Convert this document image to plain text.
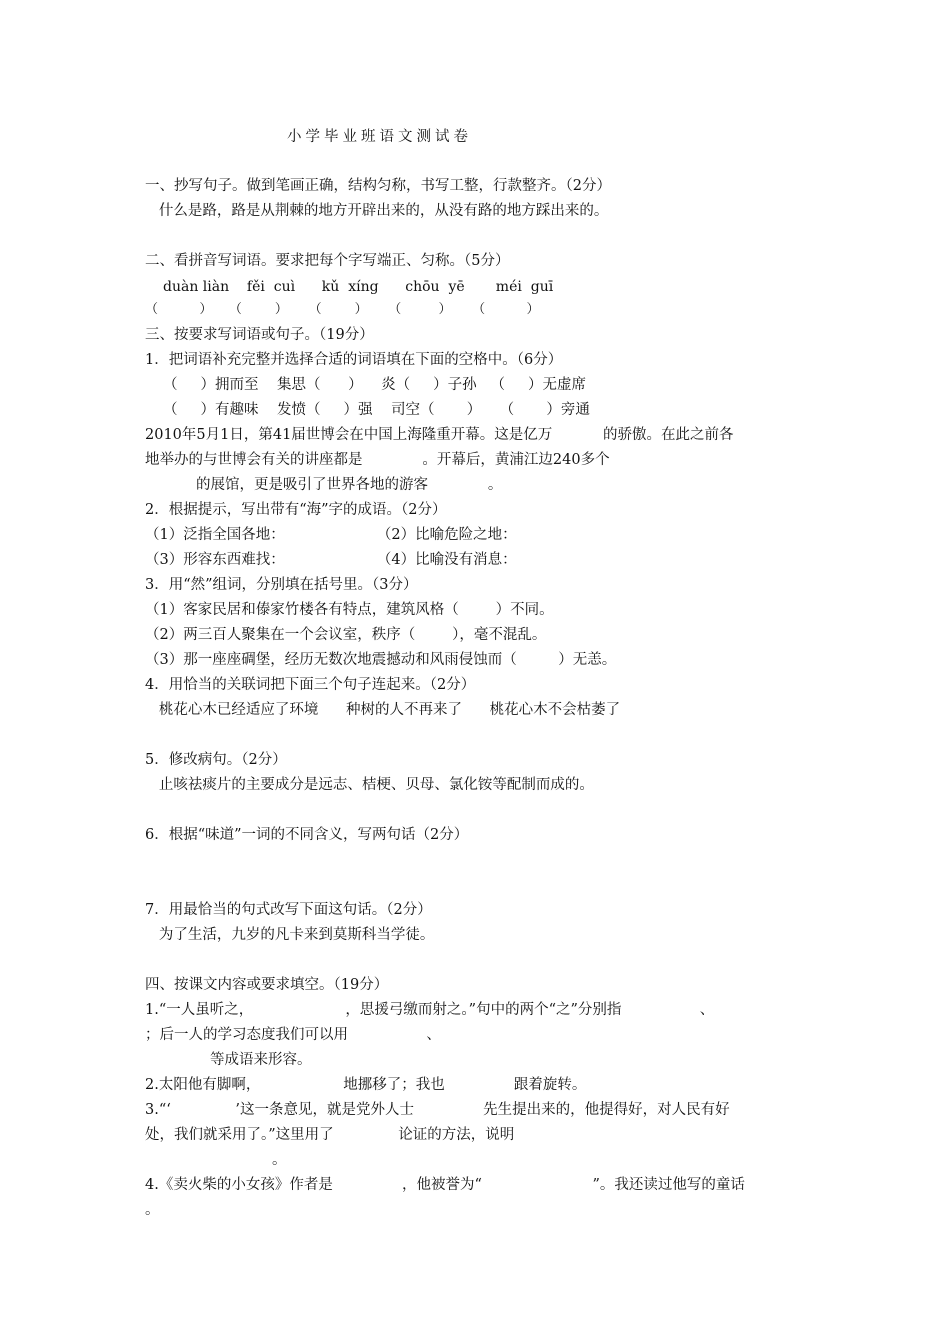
小学毕业班语文测试卷
一、抄写句子。做到笔画正确，结构匀称，书写工整，行款整齐。（2分）
什么是路，路是从荆棘的地方开辟出来的，从没有路的地方踩出来的。
二、看拼音写词语。要求把每个字写端正、匀称。（5分）
duàn liàn    fěi  cuì      kǔ  xíng      chōu  yē       méi  guī
（          ）    （        ）     （        ）     （         ）     （          ）
三、按要求写词语或句子。（19分）
1．把词语补充完整并选择合适的词语填在下面的空格中。（6分）
（     ）拥而至    集思（      ）    炎（     ）子孙   （     ）无虚席
（     ）有趣味    发愤（     ）强    司空（       ）    （       ）旁通
2010年5月1日，第41届世博会在中国上海隆重开幕。这是亿万           的骄傲。在此之前各
地举办的与世博会有关的讲座都是             。开幕后，黄浦江边240多个
的展馆，更是吸引了世界各地的游客             。
2．根据提示，写出带有“海”字的成语。（2分）
（1）泛指全国各地：                    （2）比喻危险之地：
（3）形容东西难找：                    （4）比喻没有消息：
3．用“然”组词，分别填在括号里。（3分）
（1）客家民居和傣家竹楼各有特点，建筑风格（        ）不同。
（2）两三百人聚集在一个会议室，秩序（        ），毫不混乱。
（3）那一座座碉堡，经历无数次地震撼动和风雨侵蚀而（         ）无恙。
4．用恰当的关联词把下面三个句子连起来。（2分）
桃花心木已经适应了环境      种树的人不再来了      桃花心木不会枯萎了
5．修改病句。（2分）
止咳祛痰片的主要成分是远志、桔梗、贝母、氯化铵等配制而成的。
6．根据“味道”一词的不同含义，写两句话（2分）
7．用最恰当的句式改写下面这句话。（2分）
为了生活，九岁的凡卡来到莫斯科当学徒。
四、按课文内容或要求填空。（19分）
1.“一人虽听之，                    ，思援弓缴而射之。”句中的两个“之”分别指                 、
；后一人的学习态度我们可以用                 、
等成语来形容。
2.太阳他有脚啊，                  地挪移了；我也               跟着旋转。
3.“‘              ’这一条意见，就是党外人士               先生提出来的，他提得好，对人民有好
处，我们就采用了。”这里用了              论证的方法，说明
。
4.《卖火柴的小女孩》作者是               ，他被誉为“                        ”。我还读过他写的童话
。
